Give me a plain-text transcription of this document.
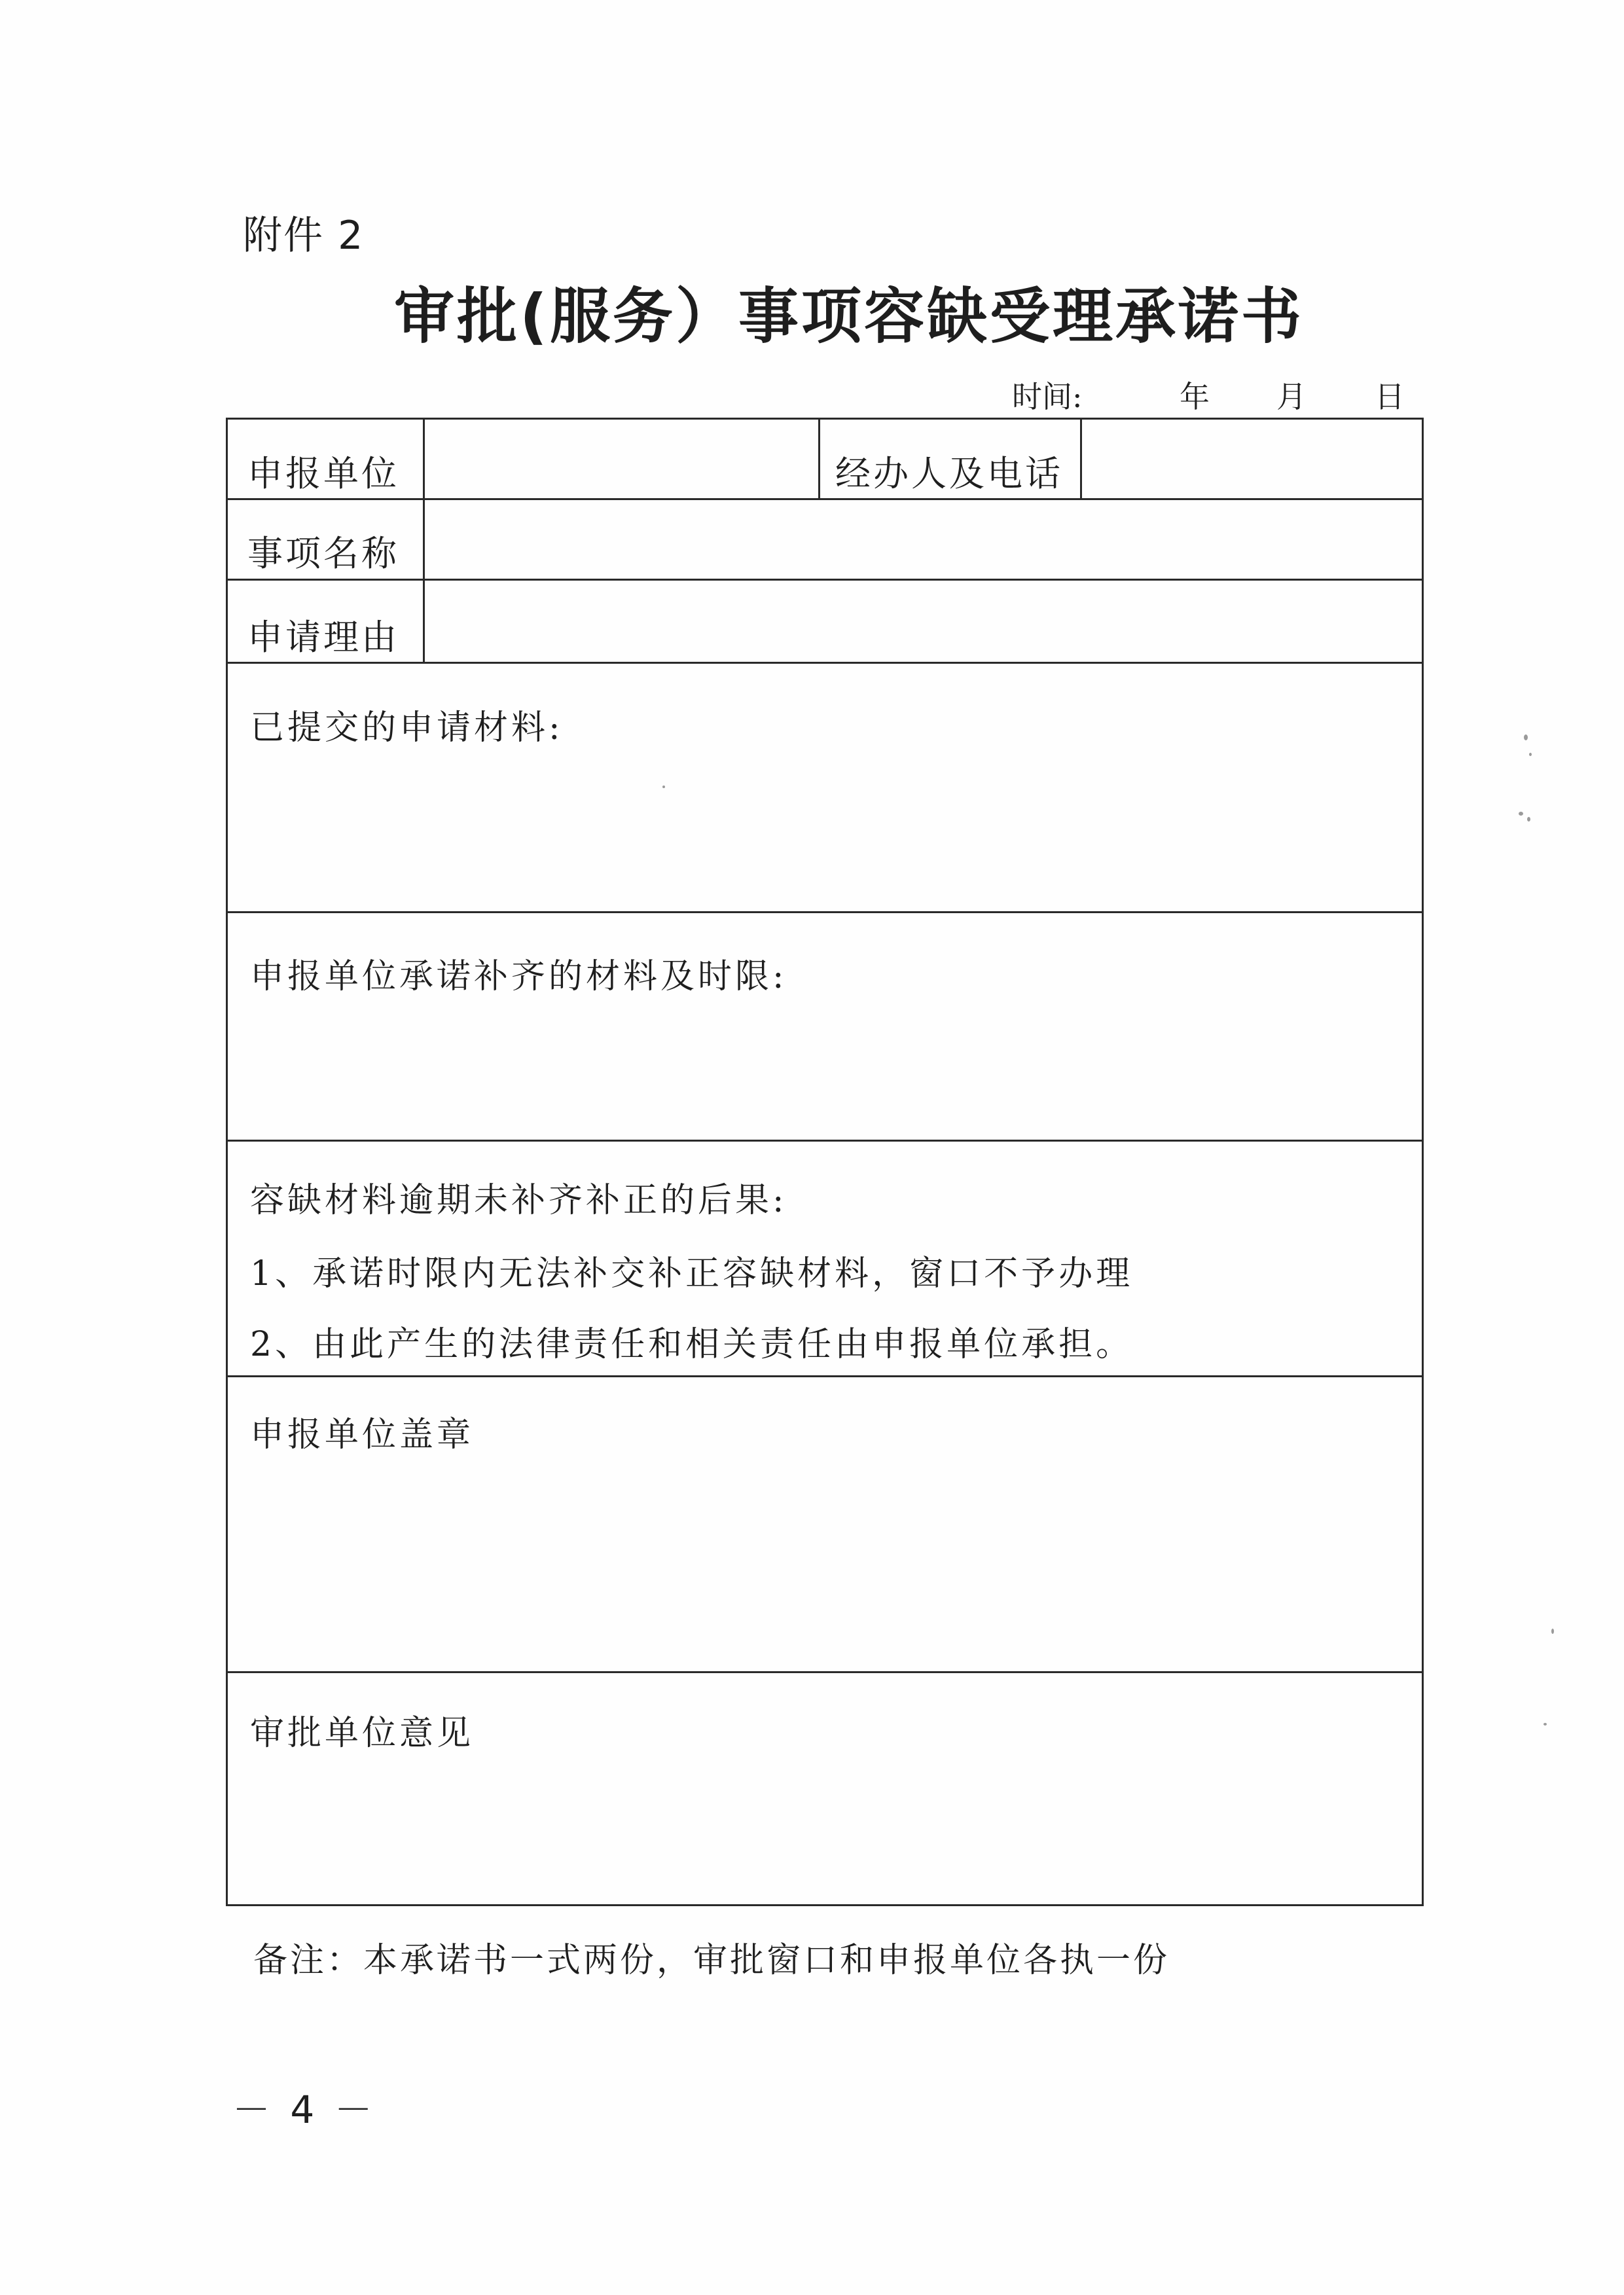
附件 2
审批(服务）事项容缺受理承诺书
时间:	年 月 日
申报单位	经办人及电话
事项名称
申请理由
已提交的申请材料:
申报单位承诺补齐的材料及时限:
容缺材料逾期未补齐补正的后果:
1、承诺时限内无法补交补正容缺材料，窗口不予办理
2、由此产生的法律责任和相关责任由申报单位承担。
申报单位盖章
审批单位意见
备注：本承诺书一式两份，审批窗口和申报单位各执一份
－ 4 －
